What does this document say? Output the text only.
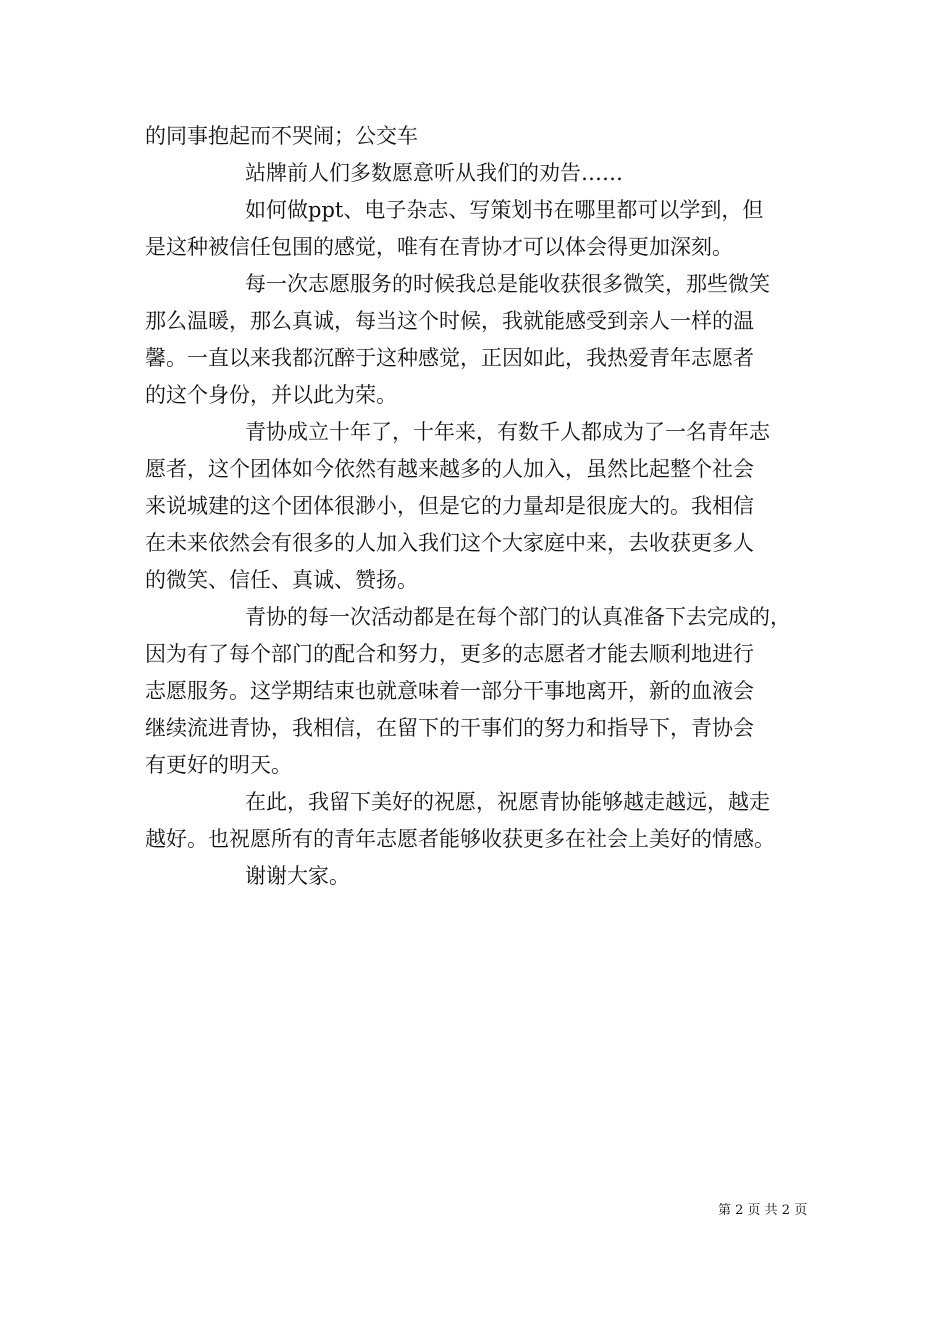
的同事抱起而不哭闹；公交车
站牌前人们多数愿意听从我们的劝告……
如何做ppt、电子杂志、写策划书在哪里都可以学到，但
是这种被信任包围的感觉，唯有在青协才可以体会得更加深刻。
每一次志愿服务的时候我总是能收获很多微笑，那些微笑
那么温暖，那么真诚，每当这个时候，我就能感受到亲人一样的温
馨。一直以来我都沉醉于这种感觉，正因如此，我热爱青年志愿者
的这个身份，并以此为荣。
青协成立十年了，十年来，有数千人都成为了一名青年志
愿者，这个团体如今依然有越来越多的人加入，虽然比起整个社会
来说城建的这个团体很渺小，但是它的力量却是很庞大的。我相信
在未来依然会有很多的人加入我们这个大家庭中来，去收获更多人
的微笑、信任、真诚、赞扬。
青协的每一次活动都是在每个部门的认真准备下去完成的，
因为有了每个部门的配合和努力，更多的志愿者才能去顺利地进行
志愿服务。这学期结束也就意味着一部分干事地离开，新的血液会
继续流进青协，我相信，在留下的干事们的努力和指导下，青协会
有更好的明天。
在此，我留下美好的祝愿，祝愿青协能够越走越远，越走
越好。也祝愿所有的青年志愿者能够收获更多在社会上美好的情感。
谢谢大家。
第 2 页 共 2 页
